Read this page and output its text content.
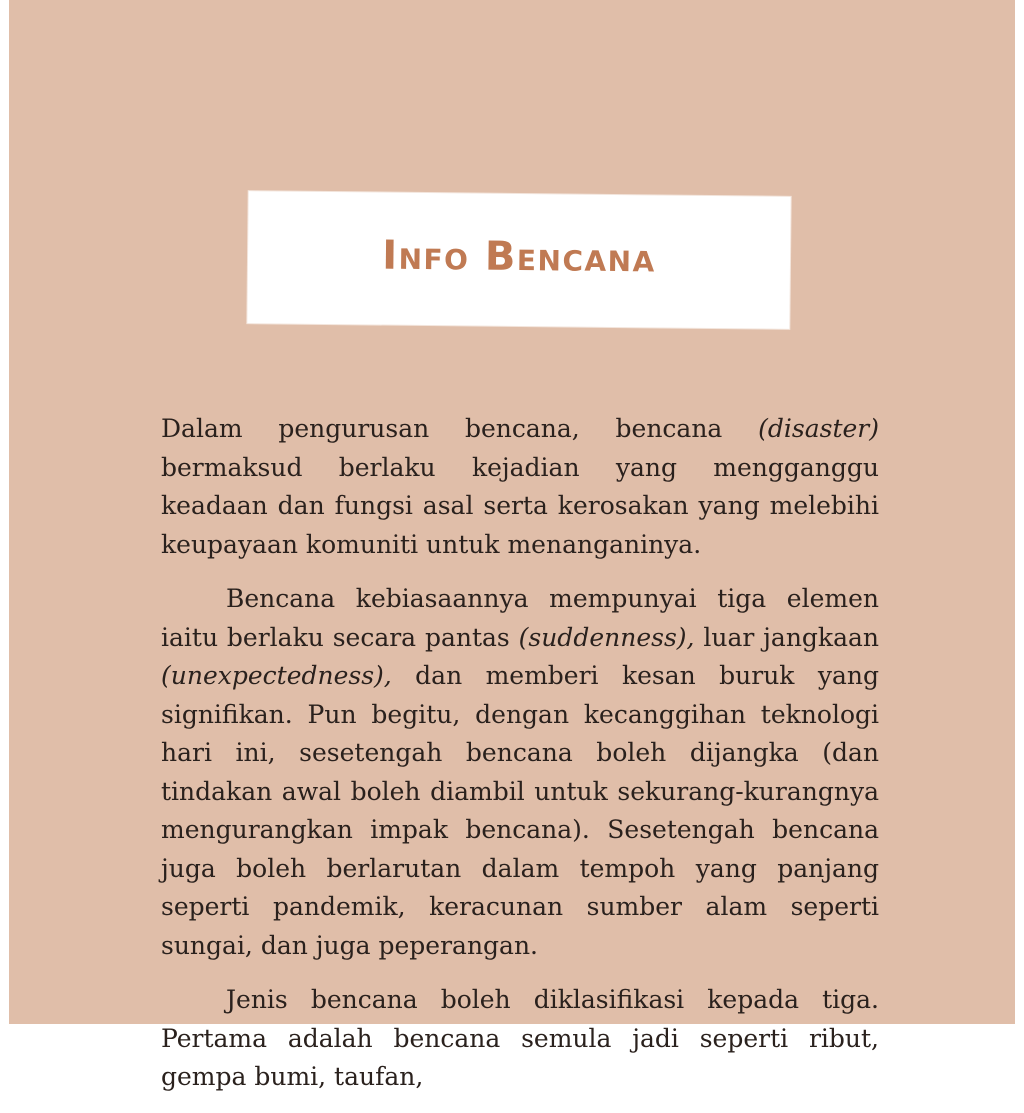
Info Bencana

Dalam pengurusan bencana, bencana (disaster) bermaksud berlaku kejadian yang mengganggu keadaan dan fungsi asal serta kerosakan yang melebihi keupayaan komuniti untuk menanganinya.

Bencana kebiasaannya mempunyai tiga elemen iaitu berlaku secara pantas (suddenness), luar jangkaan (unexpectedness), dan memberi kesan buruk yang signifikan. Pun begitu, dengan kecanggihan teknologi hari ini, sesetengah bencana boleh dijangka (dan tindakan awal boleh diambil untuk sekurang-kurangnya mengurangkan impak bencana). Sesetengah bencana juga boleh berlarutan dalam tempoh yang panjang seperti pandemik, keracunan sumber alam seperti sungai, dan juga peperangan.

Jenis bencana boleh diklasifikasi kepada tiga. Pertama adalah bencana semula jadi seperti ribut, gempa bumi, taufan,
